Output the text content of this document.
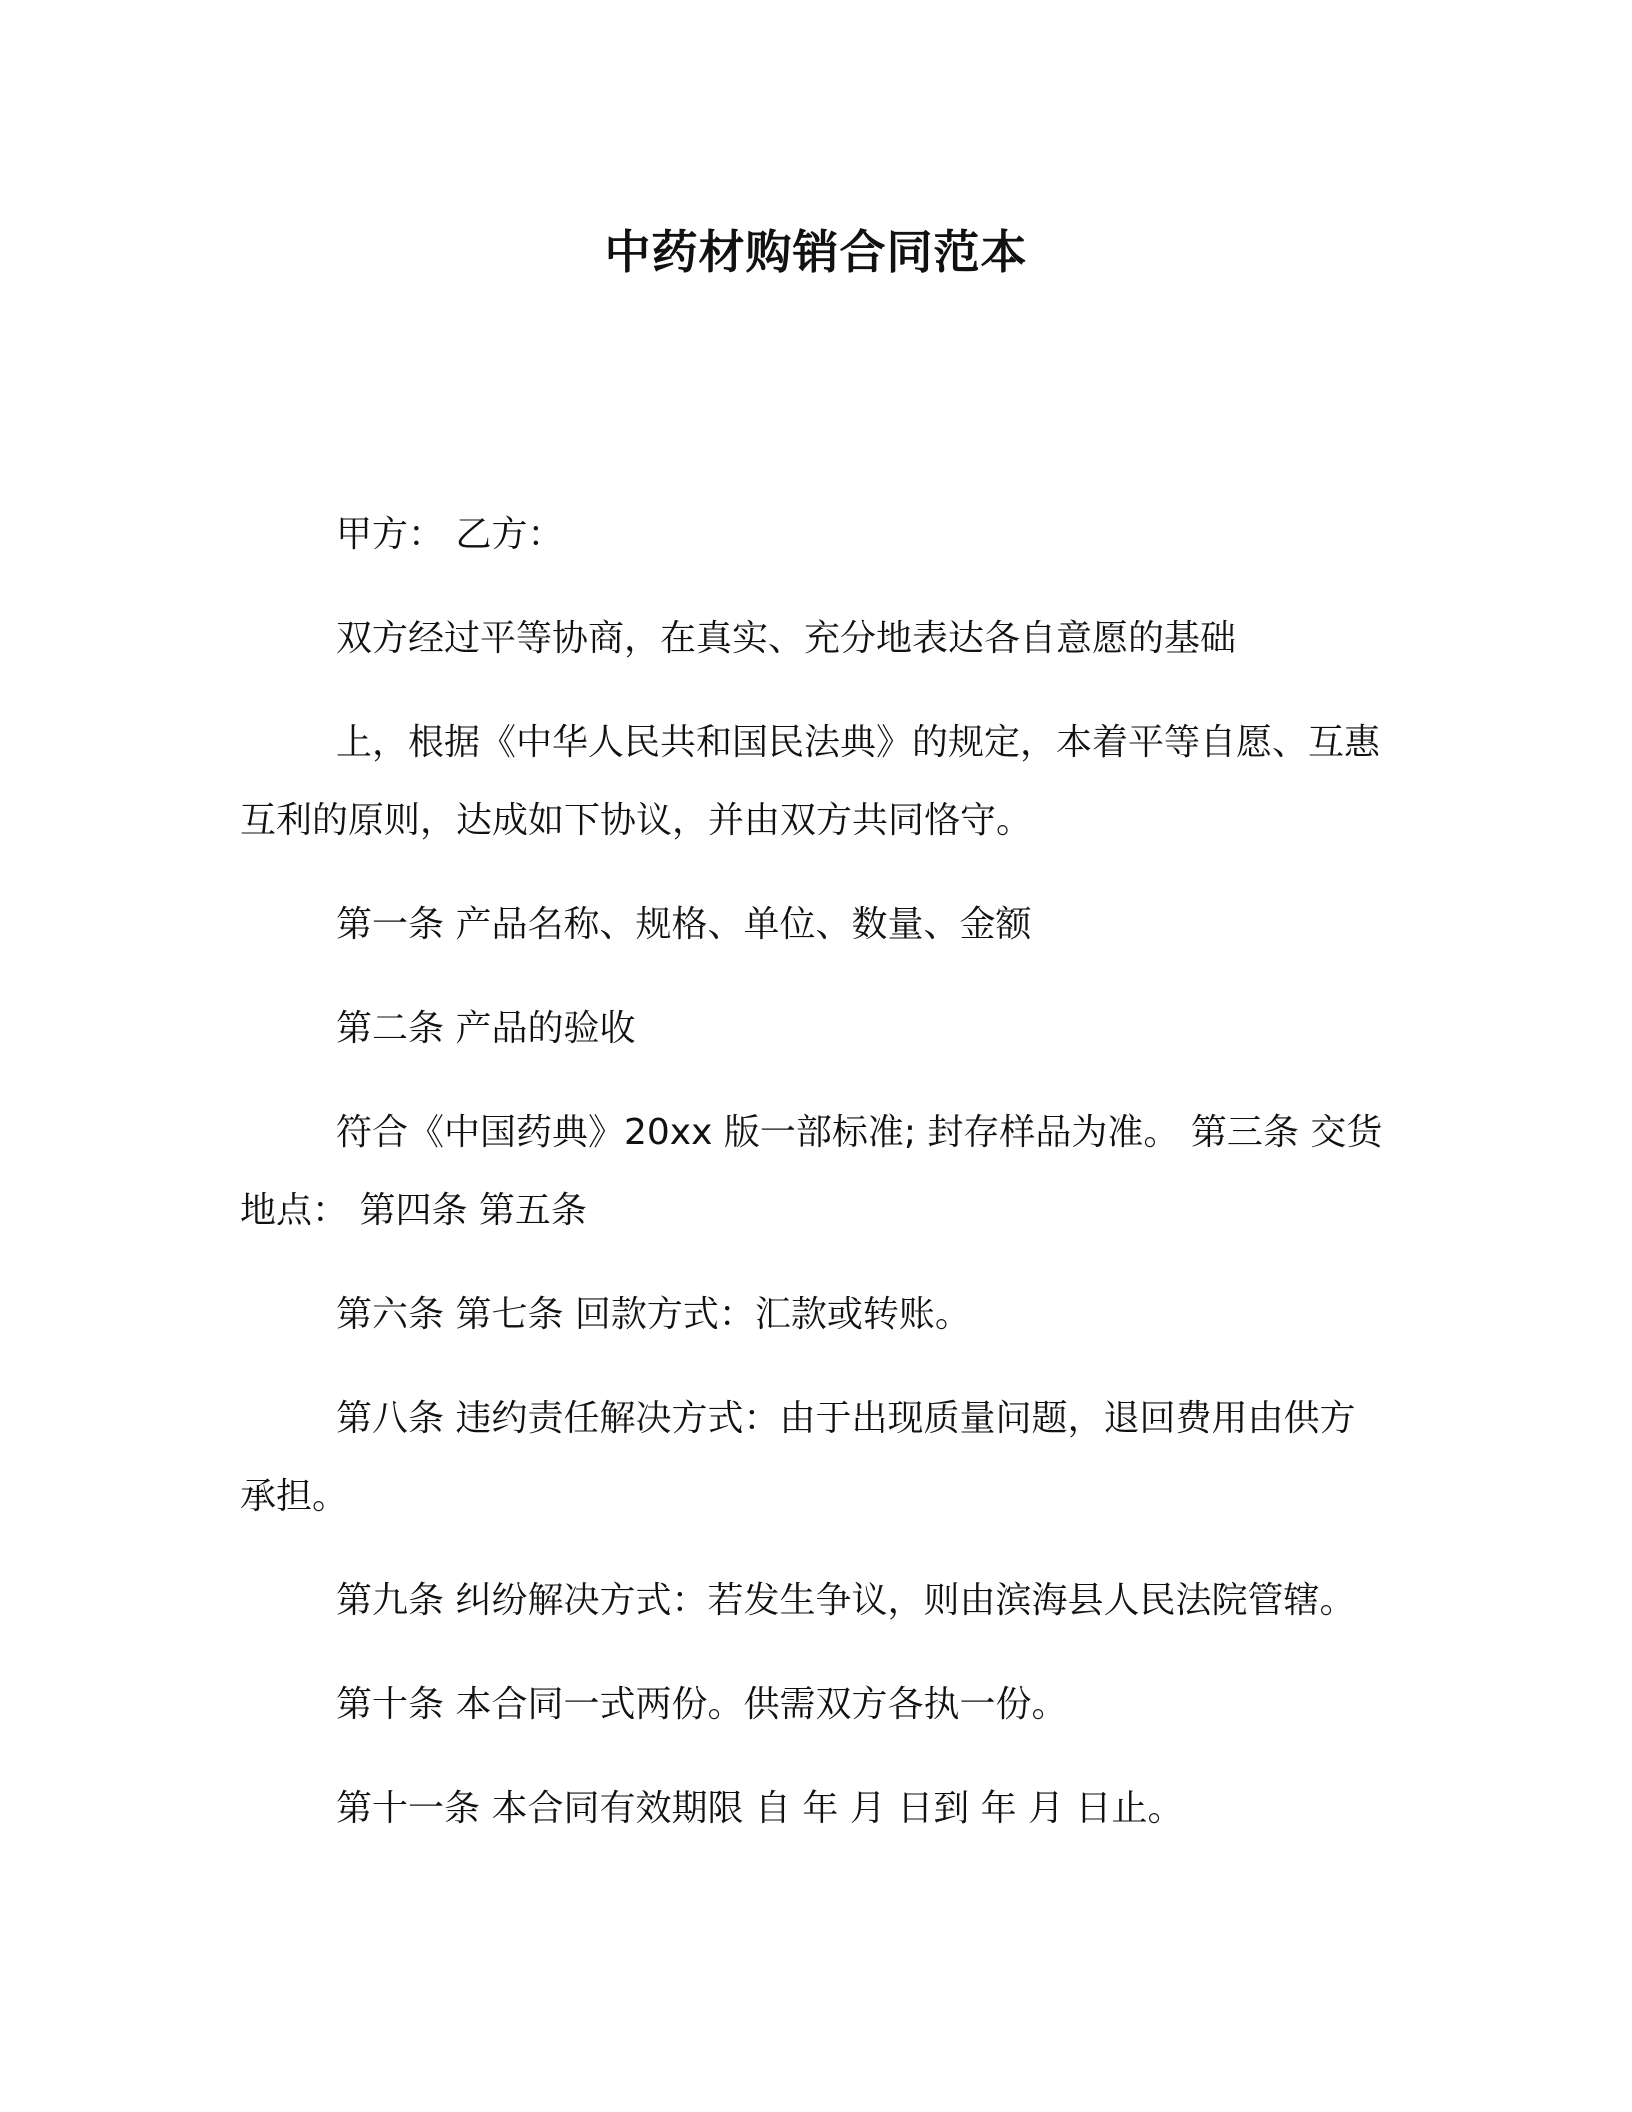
中药材购销合同范本

甲方： 乙方：

双方经过平等协商，在真实、充分地表达各自意愿的基础

上，根据《中华人民共和国民法典》的规定，本着平等自愿、互惠互利的原则，达成如下协议，并由双方共同恪守。

第一条 产品名称、规格、单位、数量、金额

第二条 产品的验收

符合《中国药典》20xx 版一部标准; 封存样品为准。 第三条 交货地点： 第四条 第五条

第六条 第七条 回款方式：汇款或转账。

第八条 违约责任解决方式：由于出现质量问题，退回费用由供方承担。

第九条 纠纷解决方式：若发生争议，则由滨海县人民法院管辖。

第十条 本合同一式两份。供需双方各执一份。

第十一条 本合同有效期限 自 年 月 日到 年 月 日止。
